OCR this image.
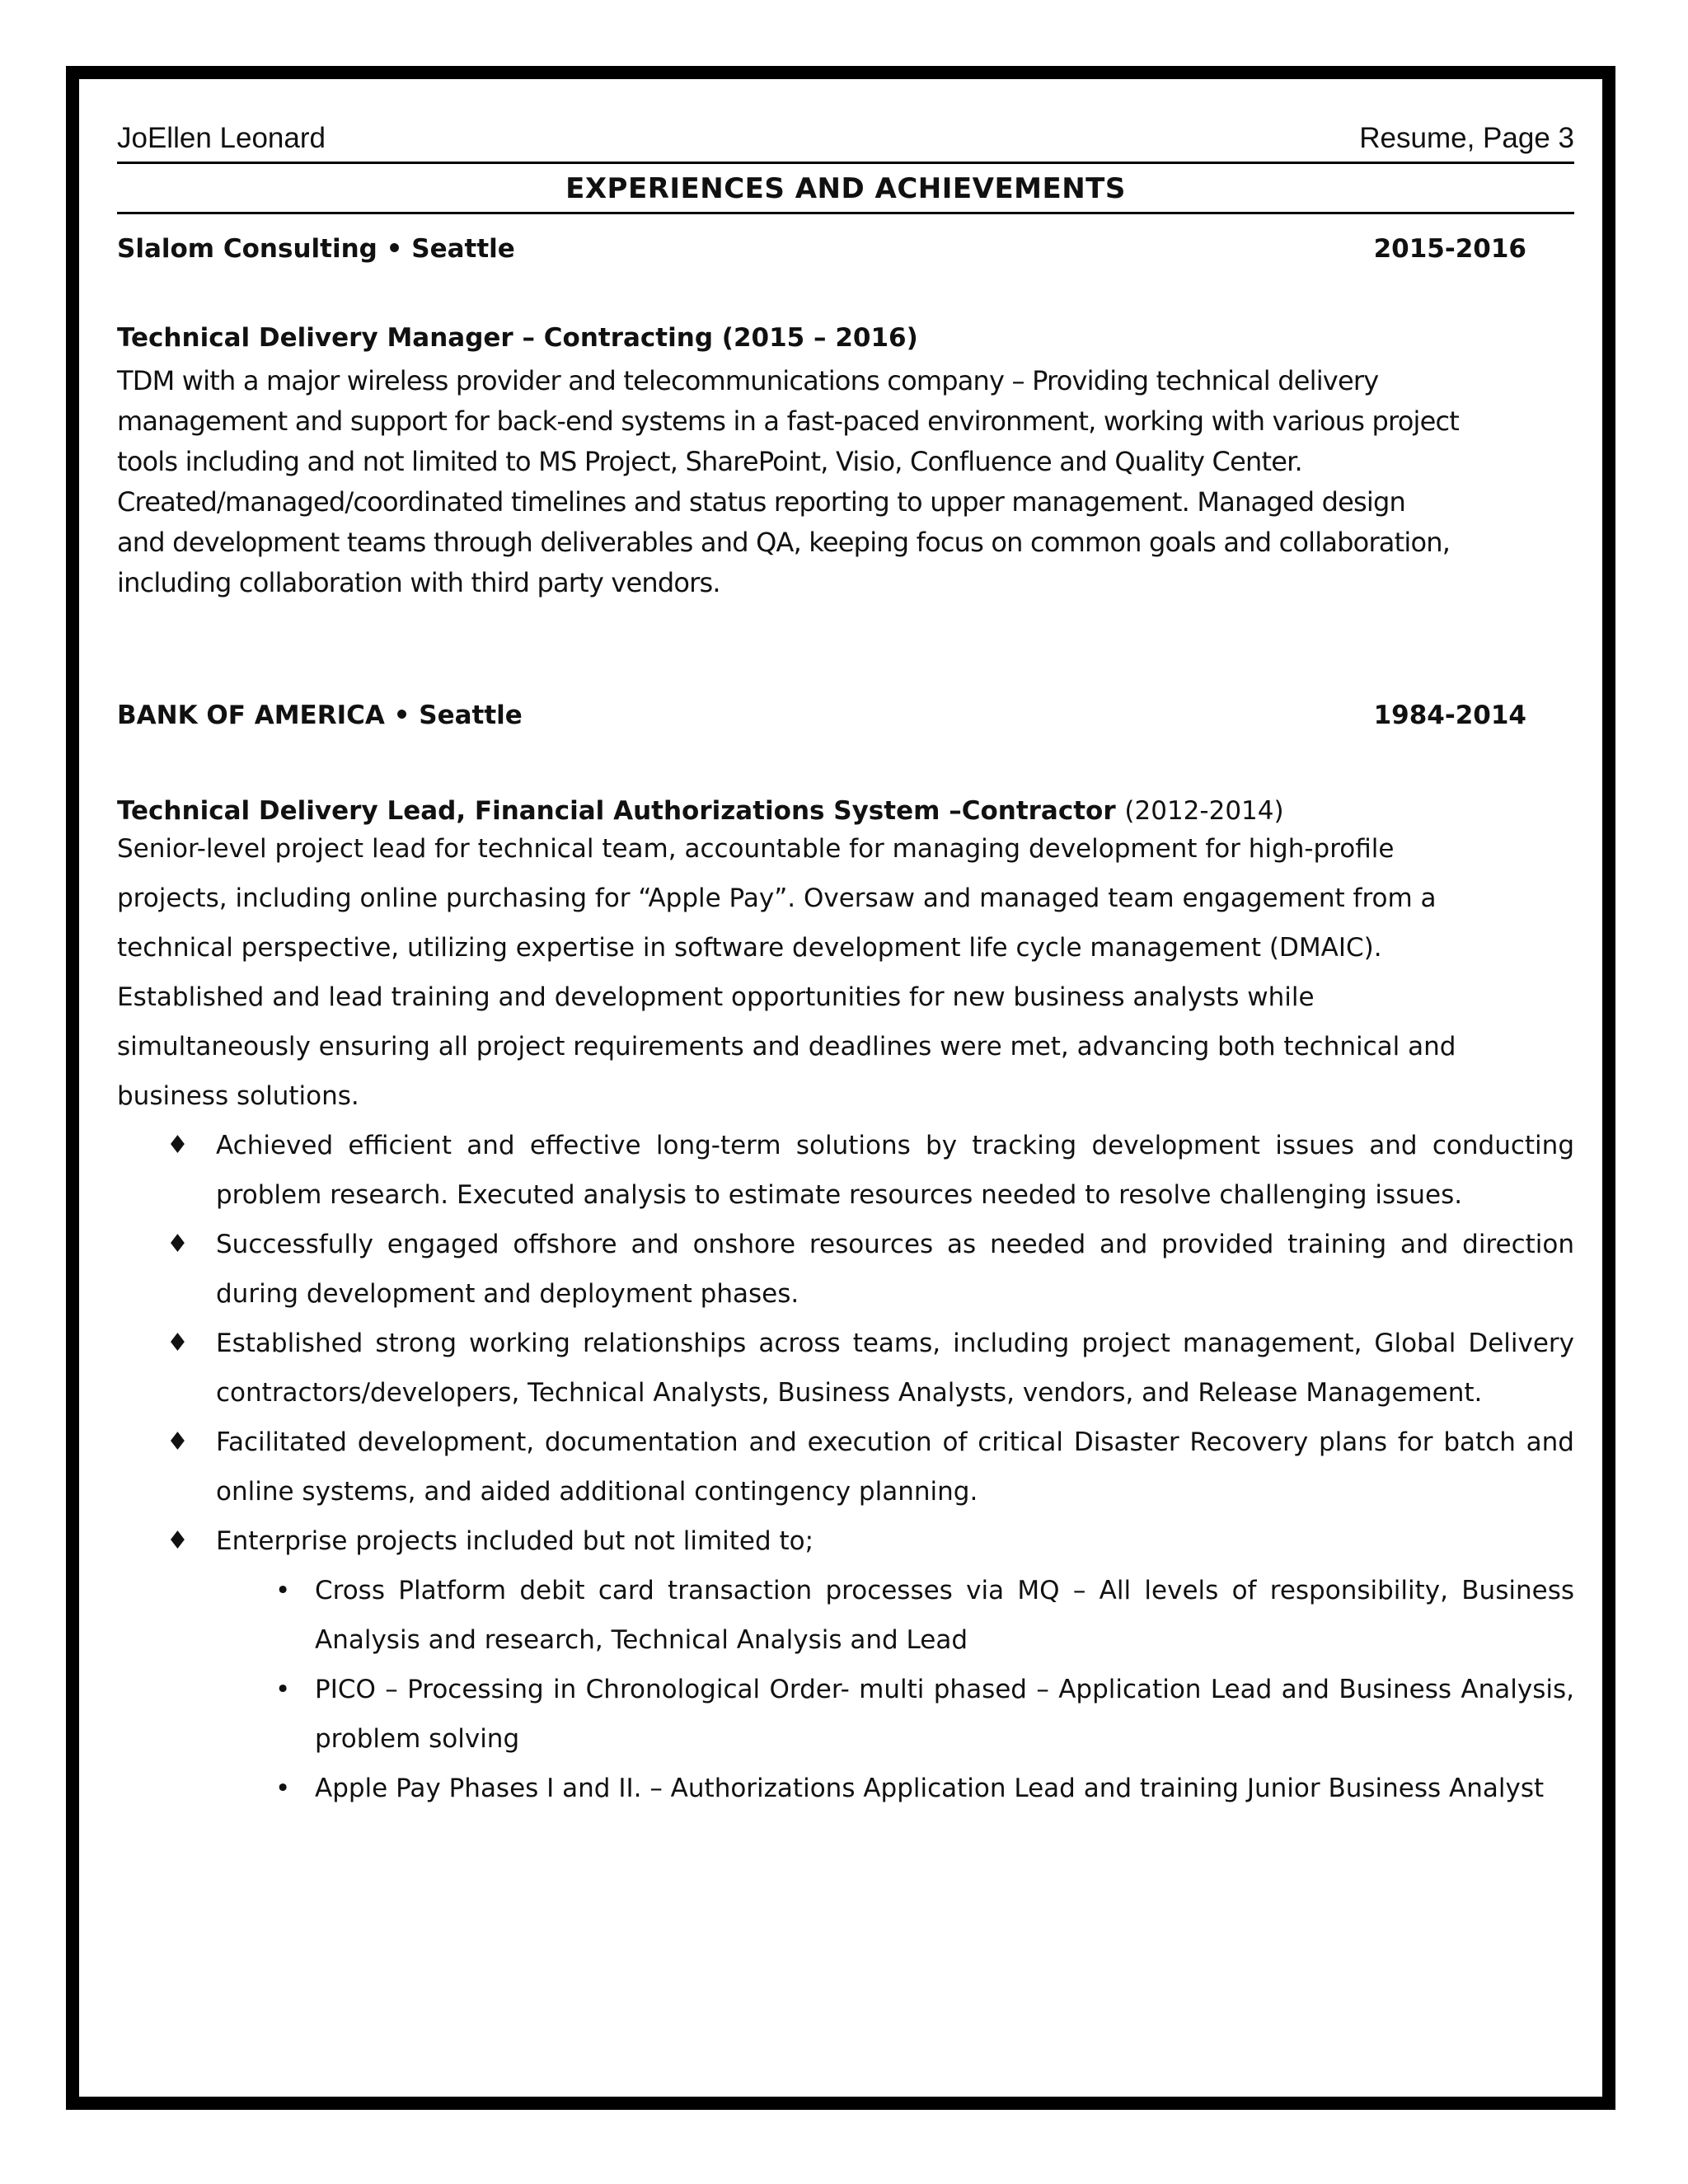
JoEllen Leonard	Resume, Page 3
EXPERIENCES AND ACHIEVEMENTS
Slalom Consulting • Seattle	2015-2016
Technical Delivery Manager – Contracting (2015 – 2016)

TDM with a major wireless provider and telecommunications company – Providing technical delivery

management and support for back-end systems in a fast-paced environment, working with various project

tools including and not limited to MS Project, SharePoint, Visio, Confluence and Quality Center.

Created/managed/coordinated timelines and status reporting to upper management. Managed design

and development teams through deliverables and QA, keeping focus on common goals and collaboration,

including collaboration with third party vendors.

BANK OF AMERICA • Seattle	1984-2014
Technical Delivery Lead, Financial Authorizations System –Contractor (2012-2014)

Senior-level project lead for technical team, accountable for managing development for high-profile

projects, including online purchasing for “Apple Pay”. Oversaw and managed team engagement from a

technical perspective, utilizing expertise in software development life cycle management (DMAIC).

Established and lead training and development opportunities for new business analysts while

simultaneously ensuring all project requirements and deadlines were met, advancing both technical and

business solutions.

♦ Achieved efficient and effective long-term solutions by tracking development issues and conducting problem research. Executed analysis to estimate resources needed to resolve challenging issues.
♦ Successfully engaged offshore and onshore resources as needed and provided training and direction during development and deployment phases.
♦ Established strong working relationships across teams, including project management, Global Delivery contractors/developers, Technical Analysts, Business Analysts, vendors, and Release Management.
♦ Facilitated development, documentation and execution of critical Disaster Recovery plans for batch and online systems, and aided additional contingency planning.
♦ Enterprise projects included but not limited to;
• Cross Platform debit card transaction processes via MQ – All levels of responsibility, Business Analysis and research, Technical Analysis and Lead
• PICO – Processing in Chronological Order- multi phased – Application Lead and Business Analysis, problem solving
• Apple Pay Phases I and II. – Authorizations Application Lead and training Junior Business Analyst
